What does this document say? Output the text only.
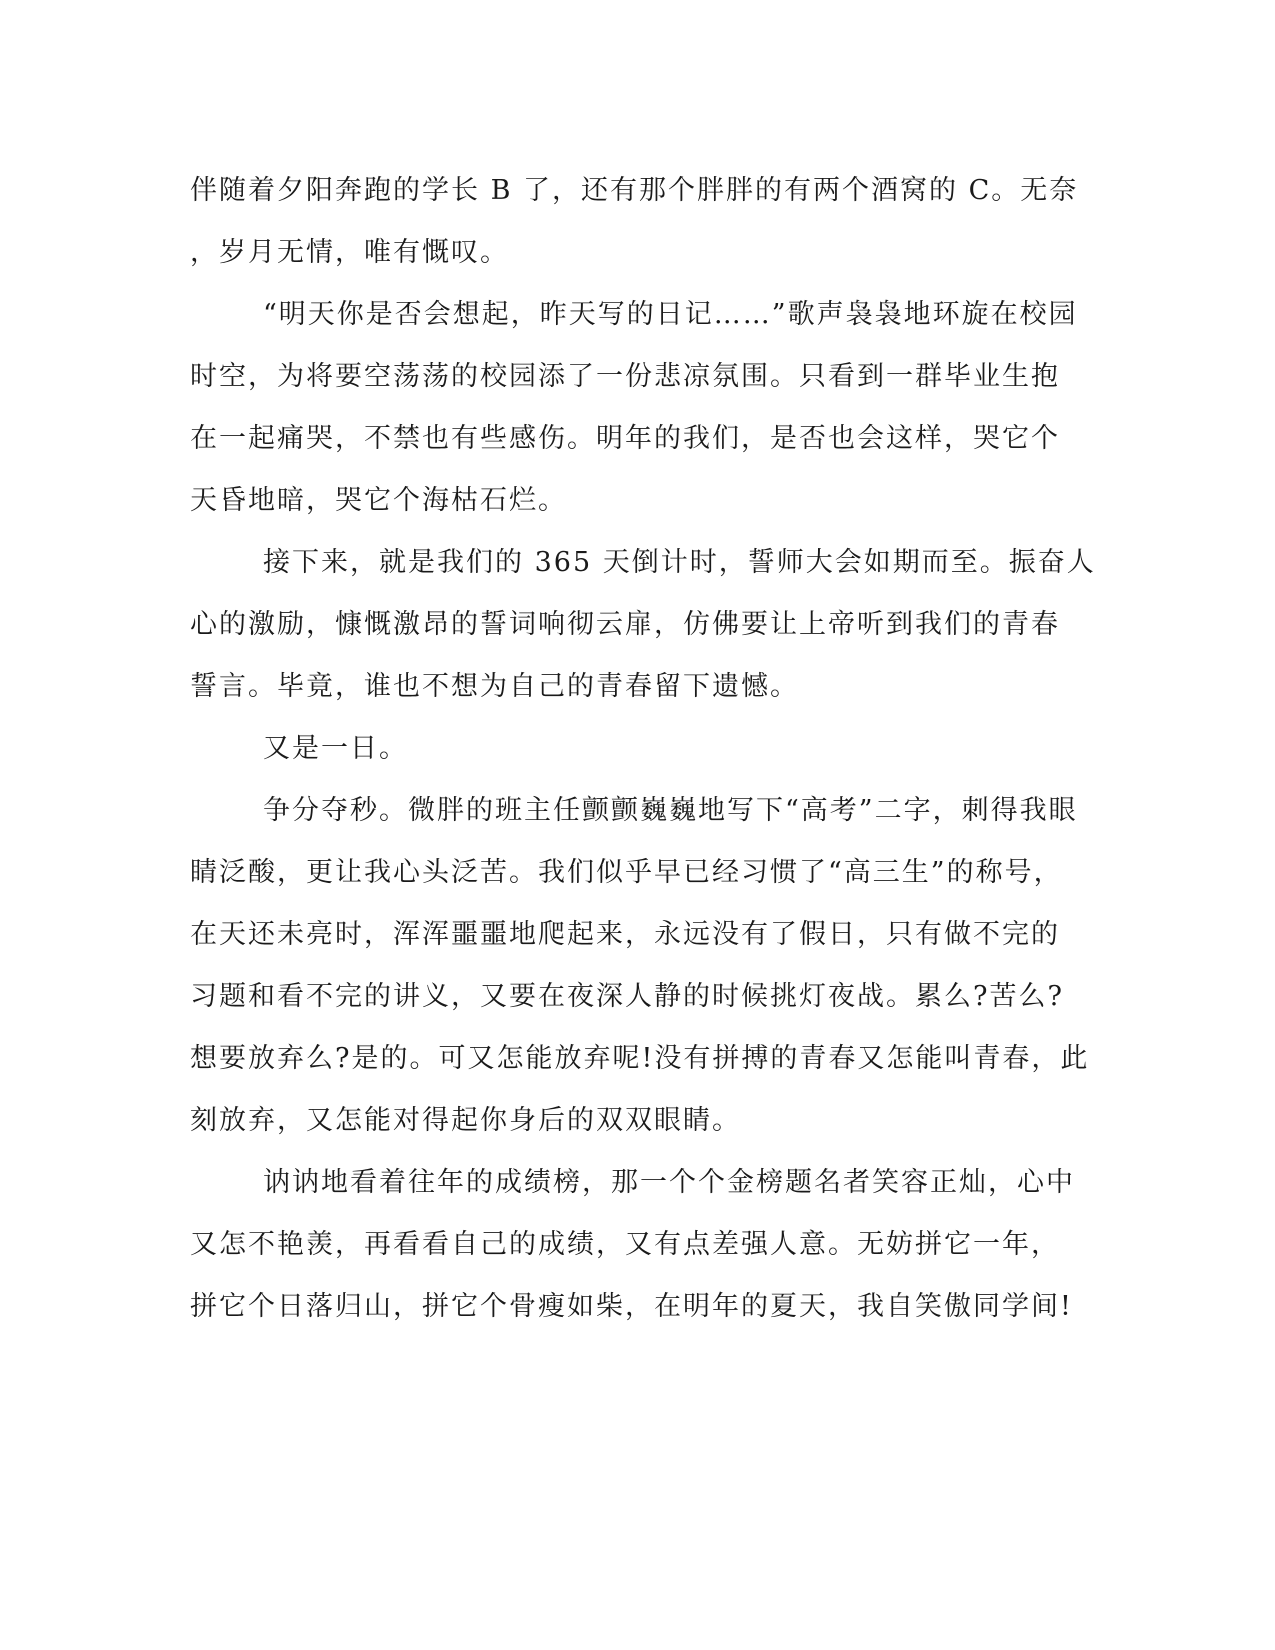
伴随着夕阳奔跑的学长 B 了，还有那个胖胖的有两个酒窝的 C。无奈
，岁月无情，唯有慨叹。
“明天你是否会想起，昨天写的日记……”歌声袅袅地环旋在校园
时空，为将要空荡荡的校园添了一份悲凉氛围。只看到一群毕业生抱
在一起痛哭，不禁也有些感伤。明年的我们，是否也会这样，哭它个
天昏地暗，哭它个海枯石烂。
接下来，就是我们的 365 天倒计时，誓师大会如期而至。振奋人
心的激励，慷慨激昂的誓词响彻云扉，仿佛要让上帝听到我们的青春
誓言。毕竟，谁也不想为自己的青春留下遗憾。
又是一日。
争分夺秒。微胖的班主任颤颤巍巍地写下“高考”二字，刺得我眼
睛泛酸，更让我心头泛苦。我们似乎早已经习惯了“高三生”的称号，
在天还未亮时，浑浑噩噩地爬起来，永远没有了假日，只有做不完的
习题和看不完的讲义，又要在夜深人静的时候挑灯夜战。累么?苦么?
想要放弃么?是的。可又怎能放弃呢!没有拼搏的青春又怎能叫青春，此
刻放弃，又怎能对得起你身后的双双眼睛。
讷讷地看着往年的成绩榜，那一个个金榜题名者笑容正灿，心中
又怎不艳羡，再看看自己的成绩，又有点差强人意。无妨拼它一年，
拼它个日落归山，拼它个骨瘦如柴，在明年的夏天，我自笑傲同学间!
